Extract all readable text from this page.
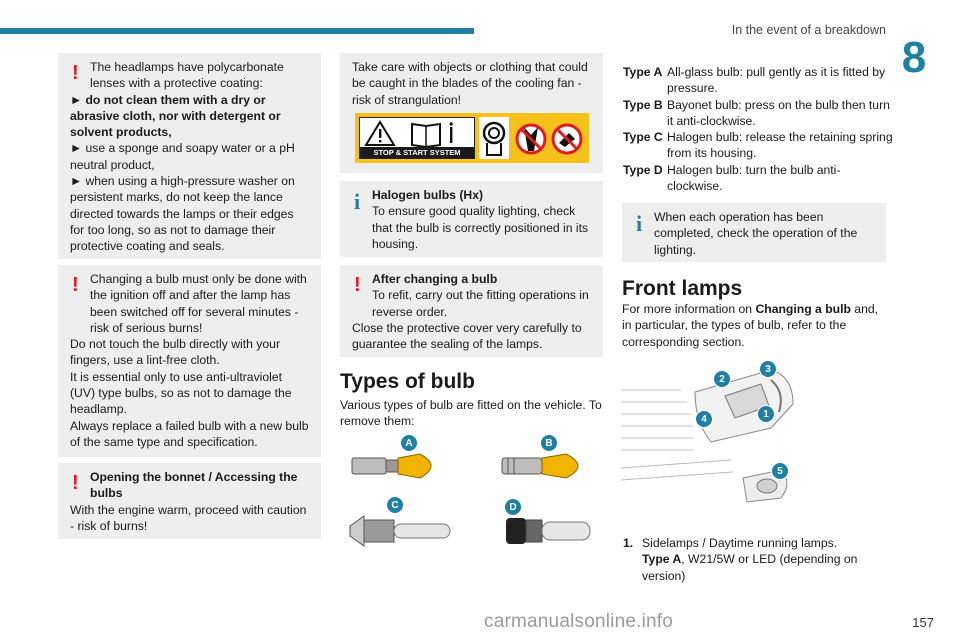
In the event of a breakdown
8
! The headlamps have polycarbonate lenses with a protective coating:

► do not clean them with a dry or abrasive cloth, nor with detergent or solvent products,

► use a sponge and soapy water or a pH neutral product,

► when using a high-pressure washer on persistent marks, do not keep the lance directed towards the lamps or their edges for too long, so as not to damage their protective coating and seals.

! Changing a bulb must only be done with the ignition off and after the lamp has been switched off for several minutes - risk of serious burns!

Do not touch the bulb directly with your fingers, use a lint-free cloth.

It is essential only to use anti-ultraviolet (UV) type bulbs, so as not to damage the headlamp.

Always replace a failed bulb with a new bulb of the same type and specification.

! Opening the bonnet / Accessing the bulbs

With the engine warm, proceed with caution - risk of burns!

Take care with objects or clothing that could be caught in the blades of the cooling fan - risk of strangulation!

STOP & START SYSTEM
i Halogen bulbs (Hx)

To ensure good quality lighting, check that the bulb is correctly positioned in its housing.

! After changing a bulb

To refit, carry out the fitting operations in reverse order.

Close the protective cover very carefully to guarantee the sealing of the lamps.

Types of bulb
Various types of bulb are fitted on the vehicle. To remove them:
A	B
C	D
Type A All-glass bulb: pull gently as it is fitted by pressure.
Type B Bayonet bulb: press on the bulb then turn it anti-clockwise.
Type C Halogen bulb: release the retaining spring from its housing.
Type D Halogen bulb: turn the bulb anti-clockwise.
i When each operation has been completed, check the operation of the lighting.

Front lamps
For more information on Changing a bulb and, in particular, the types of bulb, refer to the corresponding section.
1
2
3
4
5
1. Sidelamps / Daytime running lamps.
Type A, W21/5W or LED (depending on version)
carmanualsonline.info	157
